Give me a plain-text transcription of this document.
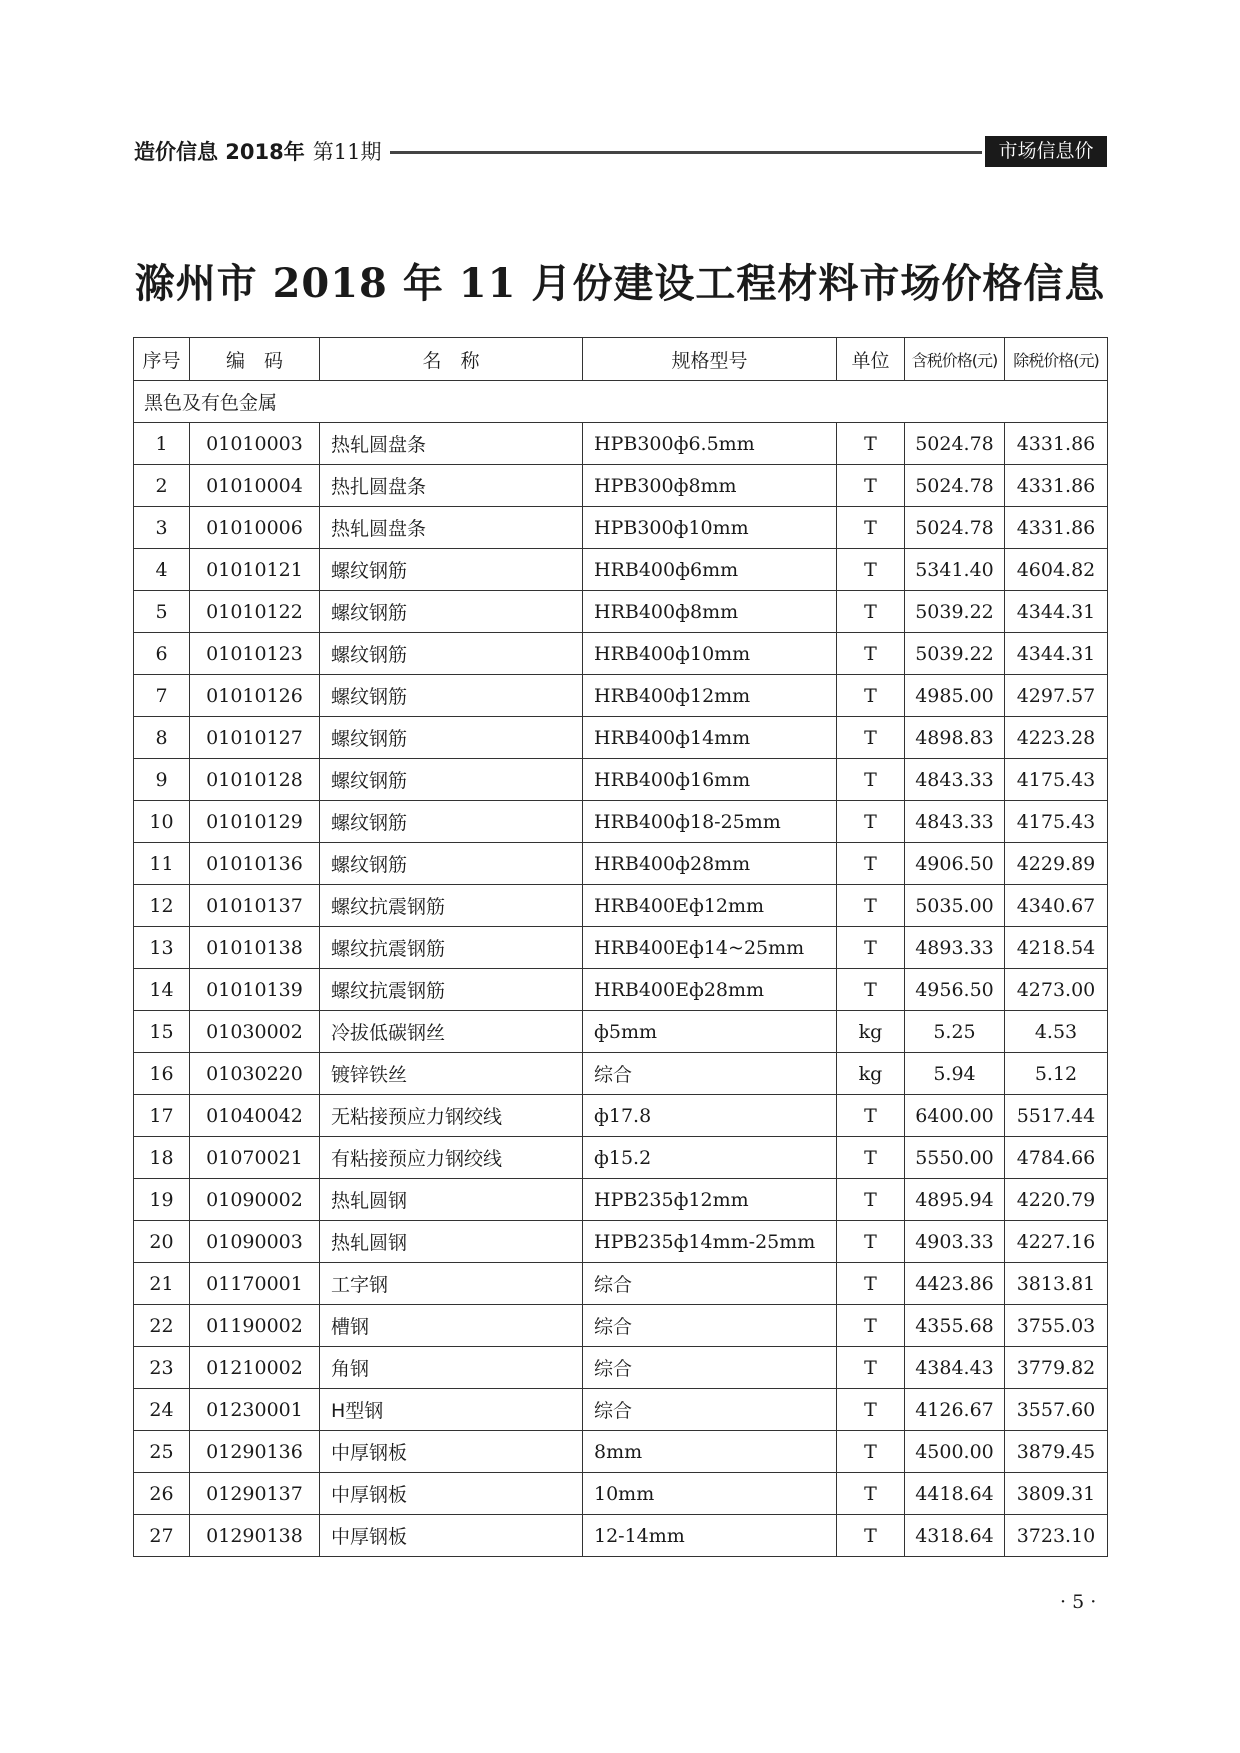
造价信息 2018年 第11期	市场信息价
滁州市 2018 年 11 月份建设工程材料市场价格信息
序号	编　码	名　称	规格型号	单位	含税价格(元)	除税价格(元)
黑色及有色金属						
1	01010003	热轧圆盘条	HPB300ф6.5mm	T	5024.78	4331.86
2	01010004	热扎圆盘条	HPB300ф8mm	T	5024.78	4331.86
3	01010006	热轧圆盘条	HPB300ф10mm	T	5024.78	4331.86
4	01010121	螺纹钢筋	HRB400ф6mm	T	5341.40	4604.82
5	01010122	螺纹钢筋	HRB400ф8mm	T	5039.22	4344.31
6	01010123	螺纹钢筋	HRB400ф10mm	T	5039.22	4344.31
7	01010126	螺纹钢筋	HRB400ф12mm	T	4985.00	4297.57
8	01010127	螺纹钢筋	HRB400ф14mm	T	4898.83	4223.28
9	01010128	螺纹钢筋	HRB400ф16mm	T	4843.33	4175.43
10	01010129	螺纹钢筋	HRB400ф18-25mm	T	4843.33	4175.43
11	01010136	螺纹钢筋	HRB400ф28mm	T	4906.50	4229.89
12	01010137	螺纹抗震钢筋	HRB400Eф12mm	T	5035.00	4340.67
13	01010138	螺纹抗震钢筋	HRB400Eф14~25mm	T	4893.33	4218.54
14	01010139	螺纹抗震钢筋	HRB400Eф28mm	T	4956.50	4273.00
15	01030002	冷拔低碳钢丝	ф5mm	kg	5.25	4.53
16	01030220	镀锌铁丝	综合	kg	5.94	5.12
17	01040042	无粘接预应力钢绞线	ф17.8	T	6400.00	5517.44
18	01070021	有粘接预应力钢绞线	ф15.2	T	5550.00	4784.66
19	01090002	热轧圆钢	HPB235ф12mm	T	4895.94	4220.79
20	01090003	热轧圆钢	HPB235ф14mm-25mm	T	4903.33	4227.16
21	01170001	工字钢	综合	T	4423.86	3813.81
22	01190002	槽钢	综合	T	4355.68	3755.03
23	01210002	角钢	综合	T	4384.43	3779.82
24	01230001	H型钢	综合	T	4126.67	3557.60
25	01290136	中厚钢板	8mm	T	4500.00	3879.45
26	01290137	中厚钢板	10mm	T	4418.64	3809.31
27	01290138	中厚钢板	12-14mm	T	4318.64	3723.10
· 5 ·
